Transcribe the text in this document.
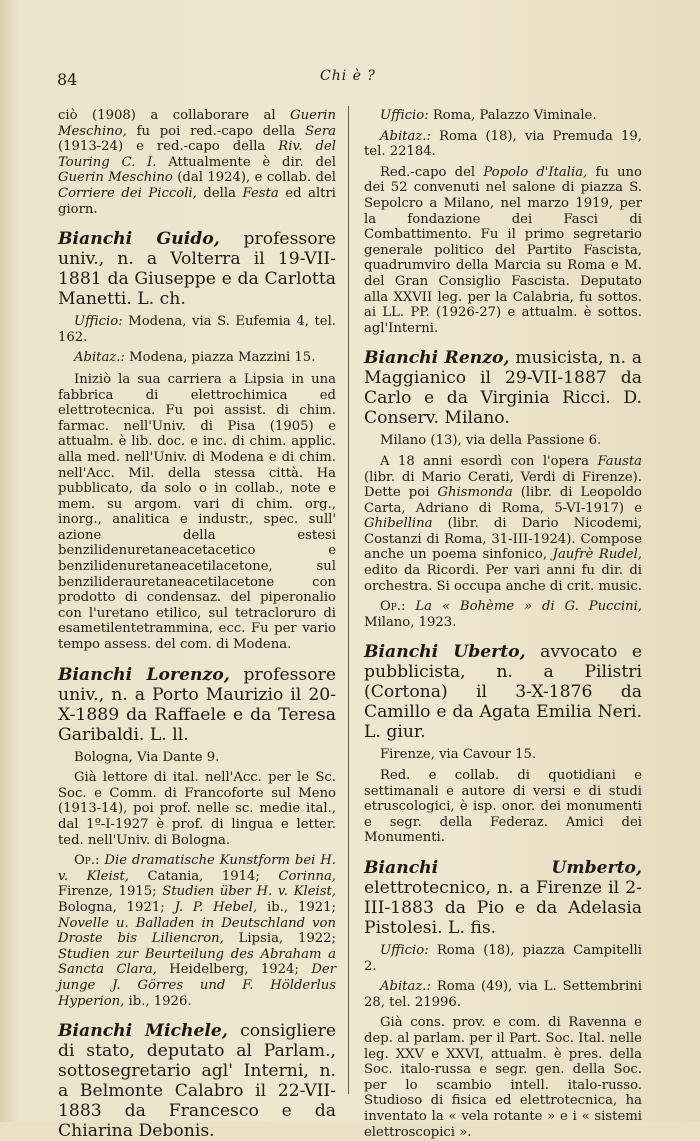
84	Chi è ?

ciò (1908) a collaborare al Guerin Meschino, fu poi red.-capo della Sera (1913-24) e red.-capo della Riv. del Touring C. I. Attualmente è dir. del Guerin Meschino (dal 1924), e collab. del Corriere dei Piccoli, della Festa ed altri giorn.

Bianchi Guido, professore univ., n. a Volterra il 19-VII-1881 da Giuseppe e da Carlotta Manetti. L. ch.

Ufficio: Modena, via S. Eufemia 4, tel. 162.

Abitaz.: Modena, piazza Mazzini 15.

Iniziò la sua carriera a Lipsia in una fabbrica di elettrochimica ed elettrotecnica. Fu poi assist. di chim. farmac. nell'Univ. di Pisa (1905) e attualm. è lib. doc. e inc. di chim. applic. alla med. nell'Univ. di Modena e di chim. nell'Acc. Mil. della stessa città. Ha pubblicato, da solo o in collab., note e mem. su argom. vari di chim. org., inorg., analitica e industr., spec. sull' azione della estesi benzilidenuretaneacetacetico e benzilidenuretaneacetilacetone, sul benziliderauretaneacetilacetone con prodotto di condensaz. del piperonalio con l'uretano etilico, sul tetracloruro di esametilentetrammina, ecc. Fu per vario tempo assess. del com. di Modena.

Bianchi Lorenzo, professore univ., n. a Porto Maurizio il 20-X-1889 da Raffaele e da Teresa Garibaldi. L. ll.

Bologna, Via Dante 9.

Già lettore di ital. nell'Acc. per le Sc. Soc. e Comm. di Francoforte sul Meno (1913-14), poi prof. nelle sc. medie ital., dal 1º-I-1927 è prof. di lingua e letter. ted. nell'Univ. di Bologna.

Op.: Die dramatische Kunstform bei H. v. Kleist, Catania, 1914; Corinna, Firenze, 1915; Studien über H. v. Kleist, Bologna, 1921; J. P. Hebel, ib., 1921; Novelle u. Balladen in Deutschland von Droste bis Liliencron, Lipsia, 1922; Studien zur Beurteilung des Abraham a Sancta Clara, Heidelberg, 1924; Der junge J. Görres und F. Hölderlus Hyperion, ib., 1926.

Bianchi Michele, consigliere di stato, deputato al Parlam., sottosegretario agl' Interni, n. a Belmonte Calabro il 22-VII-1883 da Francesco e da Chiarina Debonis.

Ufficio: Roma, Palazzo Viminale.

Abitaz.: Roma (18), via Premuda 19, tel. 22184.

Red.-capo del Popolo d'Italia, fu uno dei 52 convenuti nel salone di piazza S. Sepolcro a Milano, nel marzo 1919, per la fondazione dei Fasci di Combattimento. Fu il primo segretario generale politico del Partito Fascista, quadrumviro della Marcia su Roma e M. del Gran Consiglio Fascista. Deputato alla XXVII leg. per la Calabria, fu sottos. ai LL. PP. (1926-27) e attualm. è sottos. agl'Interni.

Bianchi Renzo, musicista, n. a Maggianico il 29-VII-1887 da Carlo e da Virginia Ricci. D. Conserv. Milano.

Milano (13), via della Passione 6.

A 18 anni esordì con l'opera Fausta (libr. di Mario Cerati, Verdi di Firenze). Dette poi Ghismonda (libr. di Leopoldo Carta, Adriano di Roma, 5-VI-1917) e Ghibellina (libr. di Dario Nicodemi, Costanzi di Roma, 31-III-1924). Compose anche un poema sinfonico, Jaufrè Rudel, edito da Ricordi. Per vari anni fu dir. di orchestra. Si occupa anche di crit. music.

Op.: La « Bohème » di G. Puccini, Milano, 1923.

Bianchi Uberto, avvocato e pubblicista, n. a Pilistri (Cortona) il 3-X-1876 da Camillo e da Agata Emilia Neri. L. giur.

Firenze, via Cavour 15.

Red. e collab. di quotidiani e settimanali e autore di versi e di studi etruscologici, è isp. onor. dei monumenti e segr. della Federaz. Amici dei Monumenti.

Bianchi Umberto, elettrotecnico, n. a Firenze il 2-III-1883 da Pio e da Adelasia Pistolesi. L. fis.

Ufficio: Roma (18), piazza Campitelli 2.

Abitaz.: Roma (49), via L. Settembrini 28, tel. 21996.

Già cons. prov. e com. di Ravenna e dep. al parlam. per il Part. Soc. Ital. nelle leg. XXV e XXVI, attualm. è pres. della Soc. italo-russa e segr. gen. della Soc. per lo scambio intell. italo-russo. Studioso di fisica ed elettrotecnica, ha inventato la « vela rotante » e i « sistemi elettroscopici ».
